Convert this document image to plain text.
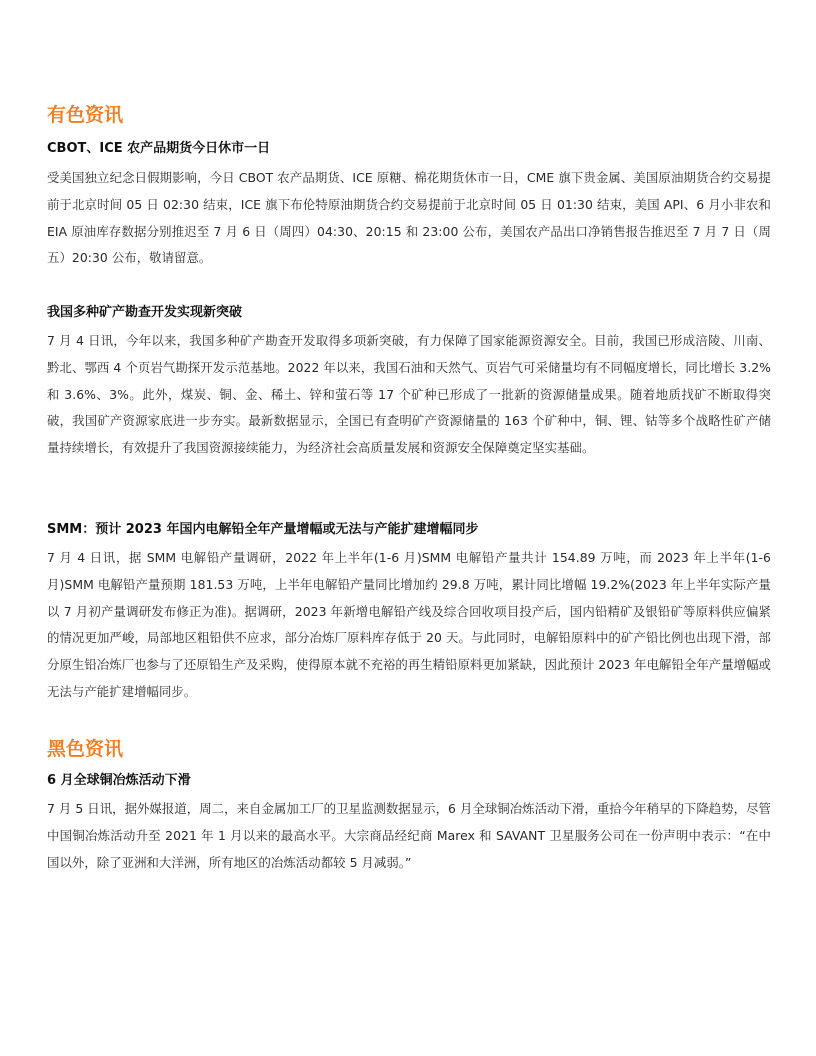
有色资讯
CBOT、ICE 农产品期货今日休市一日

受美国独立纪念日假期影响，今日 CBOT 农产品期货、ICE 原糖、棉花期货休市一日，CME 旗下贵金属、美国原油期货合约交易提前于北京时间 05 日 02:30 结束，ICE 旗下布伦特原油期货合约交易提前于北京时间 05 日 01:30 结束，美国 API、6 月小非农和 EIA 原油库存数据分别推迟至 7 月 6 日（周四）04:30、20:15 和 23:00 公布，美国农产品出口净销售报告推迟至 7 月 7 日（周五）20:30 公布，敬请留意。

我国多种矿产勘查开发实现新突破

7 月 4 日讯，今年以来，我国多种矿产勘查开发取得多项新突破，有力保障了国家能源资源安全。目前，我国已形成涪陵、川南、黔北、鄂西 4 个页岩气勘探开发示范基地。2022 年以来，我国石油和天然气、页岩气可采储量均有不同幅度增长，同比增长 3.2%和 3.6%、3%。此外，煤炭、铜、金、稀土、锌和萤石等 17 个矿种已形成了一批新的资源储量成果。随着地质找矿不断取得突破，我国矿产资源家底进一步夯实。最新数据显示，全国已有查明矿产资源储量的 163 个矿种中，铜、锂、钴等多个战略性矿产储量持续增长，有效提升了我国资源接续能力，为经济社会高质量发展和资源安全保障奠定坚实基础。

SMM：预计 2023 年国内电解铅全年产量增幅或无法与产能扩建增幅同步

7 月 4 日讯，据 SMM 电解铅产量调研，2022 年上半年(1-6 月)SMM 电解铅产量共计 154.89 万吨，而 2023 年上半年(1-6 月)SMM 电解铅产量预期 181.53 万吨，上半年电解铅产量同比增加约 29.8 万吨，累计同比增幅 19.2%(2023 年上半年实际产量以 7 月初产量调研发布修正为准)。据调研，2023 年新增电解铅产线及综合回收项目投产后，国内铅精矿及银铅矿等原料供应偏紧的情况更加严峻，局部地区粗铅供不应求，部分冶炼厂原料库存低于 20 天。与此同时，电解铅原料中的矿产铅比例也出现下滑，部分原生铅冶炼厂也参与了还原铅生产及采购，使得原本就不充裕的再生精铅原料更加紧缺，因此预计 2023 年电解铅全年产量增幅或无法与产能扩建增幅同步。

黑色资讯
6 月全球铜冶炼活动下滑

7 月 5 日讯，据外媒报道，周二，来自金属加工厂的卫星监测数据显示，6 月全球铜冶炼活动下滑，重拾今年稍早的下降趋势，尽管中国铜冶炼活动升至 2021 年 1 月以来的最高水平。大宗商品经纪商 Marex 和 SAVANT 卫星服务公司在一份声明中表示：“在中国以外，除了亚洲和大洋洲，所有地区的冶炼活动都较 5 月减弱。”
